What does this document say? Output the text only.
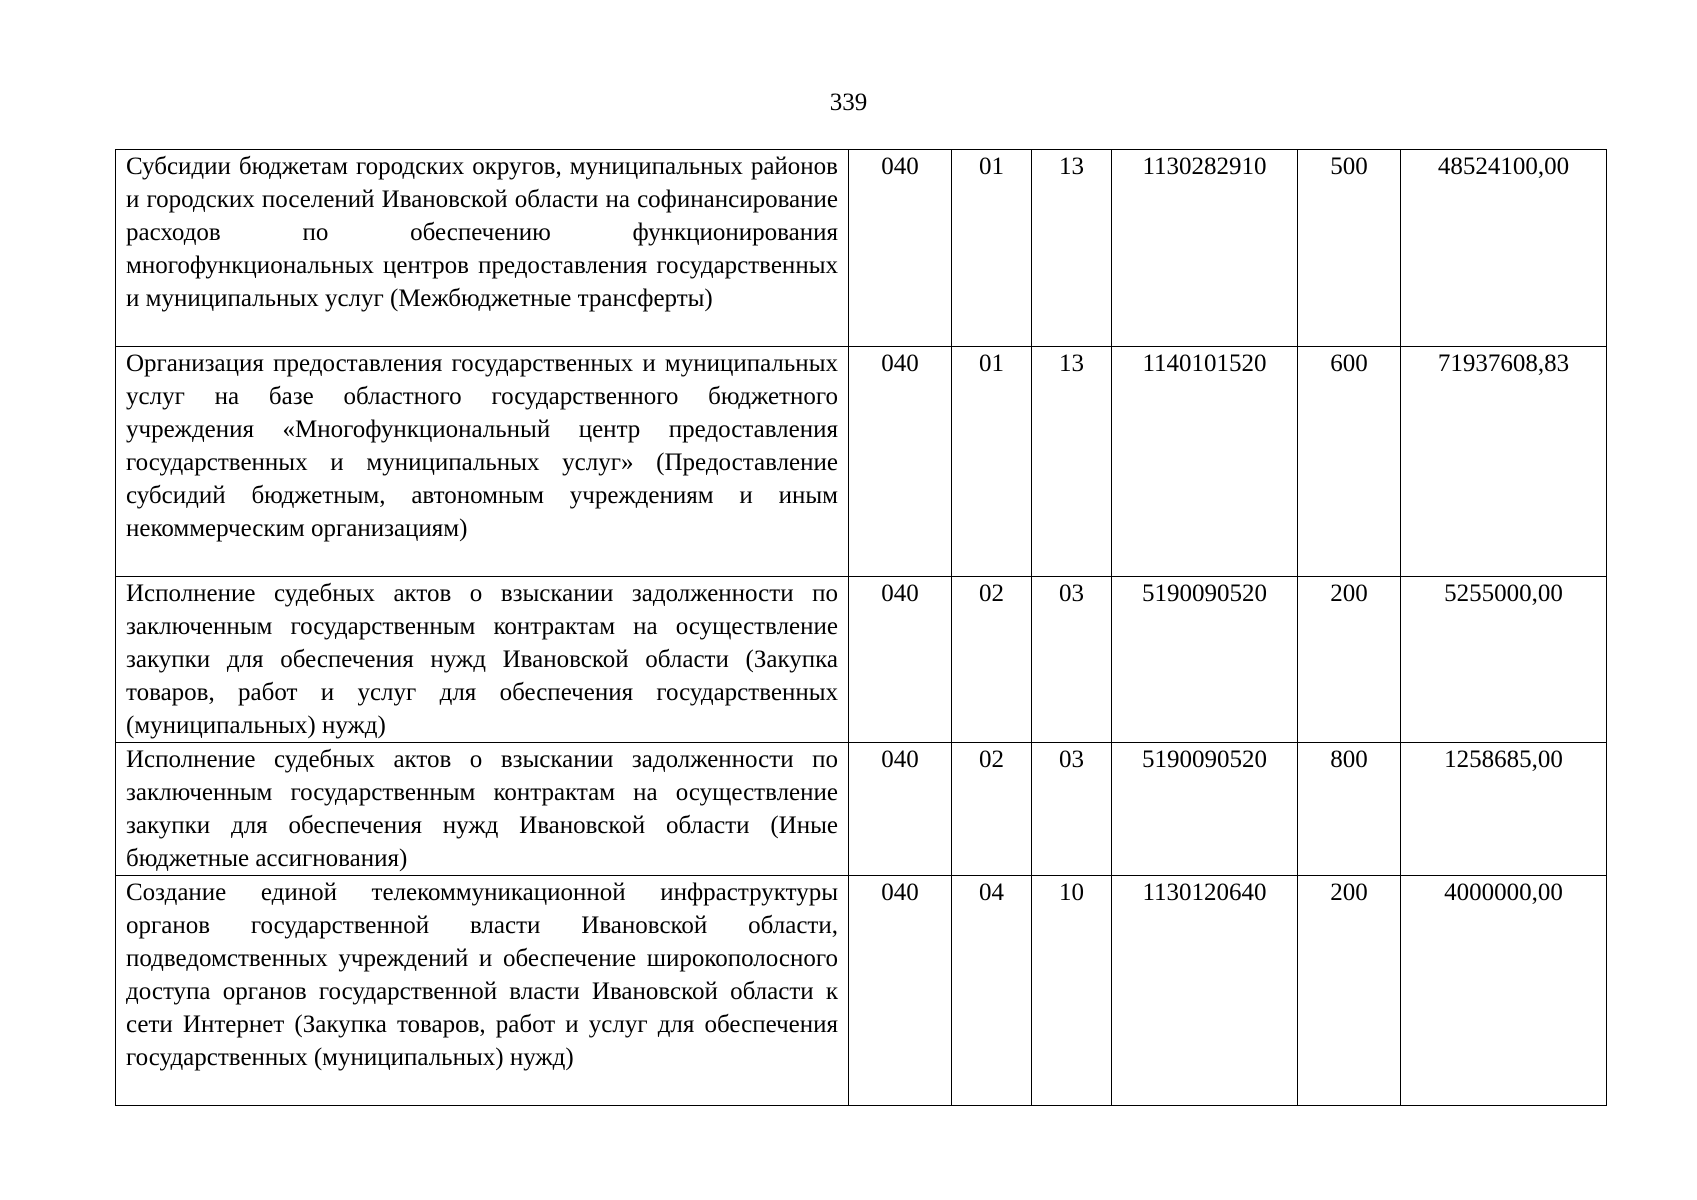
339
Субсидии бюджетам городских округов, муниципальных районов и городских поселений Ивановской области на софинансирование расходов по обеспечению функционирования многофункциональных центров предоставления государственных и муниципальных услуг (Межбюджетные трансферты)	040	01	13	1130282910	500	48524100,00
Организация предоставления государственных и муниципальных услуг на базе областного государственного бюджетного учреждения «Многофункциональный центр предоставления государственных и муниципальных услуг» (Предоставление субсидий бюджетным, автономным учреждениям и иным некоммерческим организациям)	040	01	13	1140101520	600	71937608,83
Исполнение судебных актов о взыскании задолженности по заключенным государственным контрактам на осуществление закупки для обеспечения нужд Ивановской области (Закупка товаров, работ и услуг для обеспечения государственных (муниципальных) нужд)	040	02	03	5190090520	200	5255000,00
Исполнение судебных актов о взыскании задолженности по заключенным государственным контрактам на осуществление закупки для обеспечения нужд Ивановской области (Иные бюджетные ассигнования)	040	02	03	5190090520	800	1258685,00
Создание единой телекоммуникационной инфраструктуры органов государственной власти Ивановской области, подведомственных учреждений и обеспечение широкополосного доступа органов государственной власти Ивановской области к сети Интернет (Закупка товаров, работ и услуг для обеспечения государственных (муниципальных) нужд)	040	04	10	1130120640	200	4000000,00
